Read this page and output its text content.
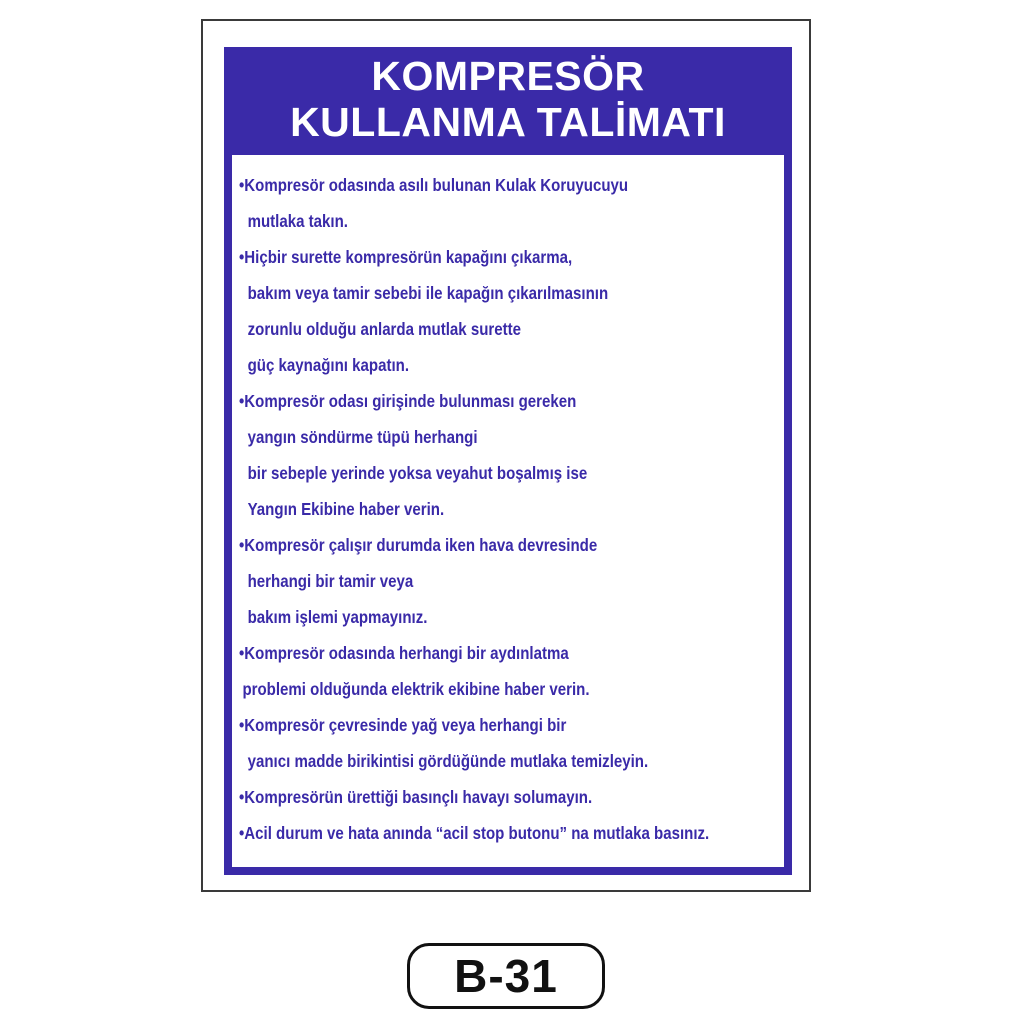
KOMPRESÖR
KULLANMA TALİMATI
•Kompresör odasında asılı bulunan Kulak Koruyucuyu
mutlaka takın.
•Hiçbir surette kompresörün kapağını çıkarma,
bakım veya tamir sebebi ile kapağın çıkarılmasının
zorunlu olduğu anlarda mutlak surette
güç kaynağını kapatın.
•Kompresör odası girişinde bulunması gereken
yangın söndürme tüpü herhangi
bir sebeple yerinde yoksa veyahut boşalmış ise
Yangın Ekibine haber verin.
•Kompresör çalışır durumda iken hava devresinde
herhangi bir tamir veya
bakım işlemi yapmayınız.
•Kompresör odasında herhangi bir aydınlatma
problemi olduğunda elektrik ekibine haber verin.
•Kompresör çevresinde yağ veya herhangi bir
yanıcı madde birikintisi gördüğünde mutlaka temizleyin.
•Kompresörün ürettiği basınçlı havayı solumayın.
•Acil durum ve hata anında “acil stop butonu” na mutlaka basınız.
B-31
